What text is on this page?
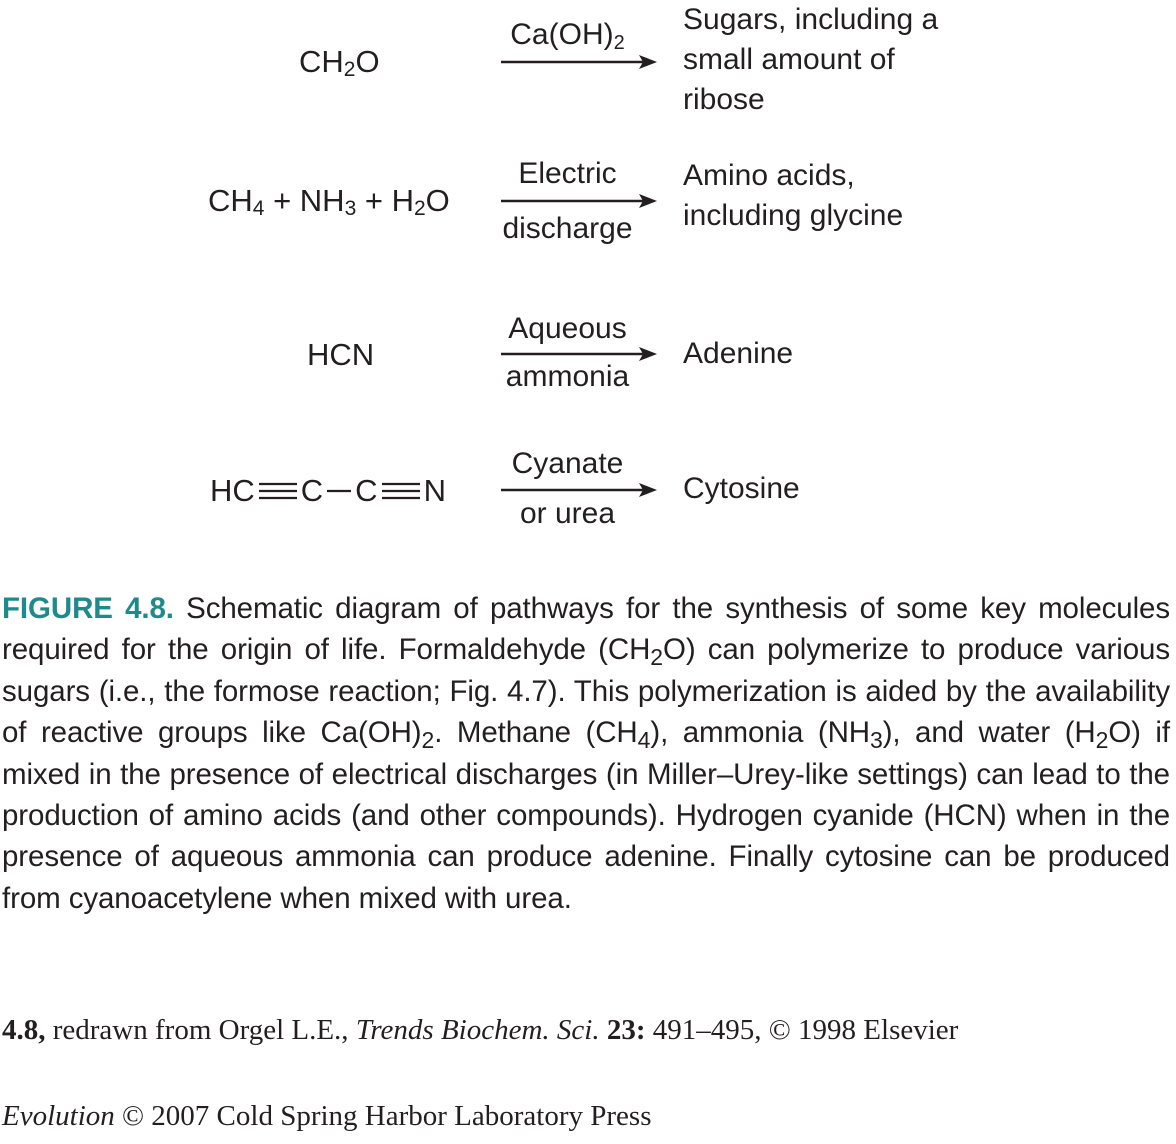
$CH_2O$
$Ca(OH)_2$
Sugars, including a
small amount of
ribose
$CH_4 + NH_3 + H_2O$
Electric
discharge
Amino acids,
including glycine
HCN
Aqueous
ammonia
Adenine
HC C C N
Cyanate
or urea
Cytosine
FIGURE 4.8. Schematic diagram of pathways for the synthesis of some key molecules required for the origin of life. Formaldehyde $(CH_2O)$ can polymerize to produce various sugars (i.e., the formose reaction; Fig. 4.7). This polymerization is aided by the availability of reactive groups like $Ca(OH)_2$. Methane $(CH_4)$, ammonia $(NH_3)$, and water $(H_2O)$ if mixed in the presence of electrical discharges (in Miller–Urey-like settings) can lead to the production of amino acids (and other compounds). Hydrogen cyanide (HCN) when in the presence of aqueous ammonia can produce adenine. Finally cytosine can be produced from cyanoacetylene when mixed with urea.
4.8, redrawn from Orgel L.E., Trends Biochem. Sci. 23: 491–495, © 1998 Elsevier
Evolution © 2007 Cold Spring Harbor Laboratory Press
